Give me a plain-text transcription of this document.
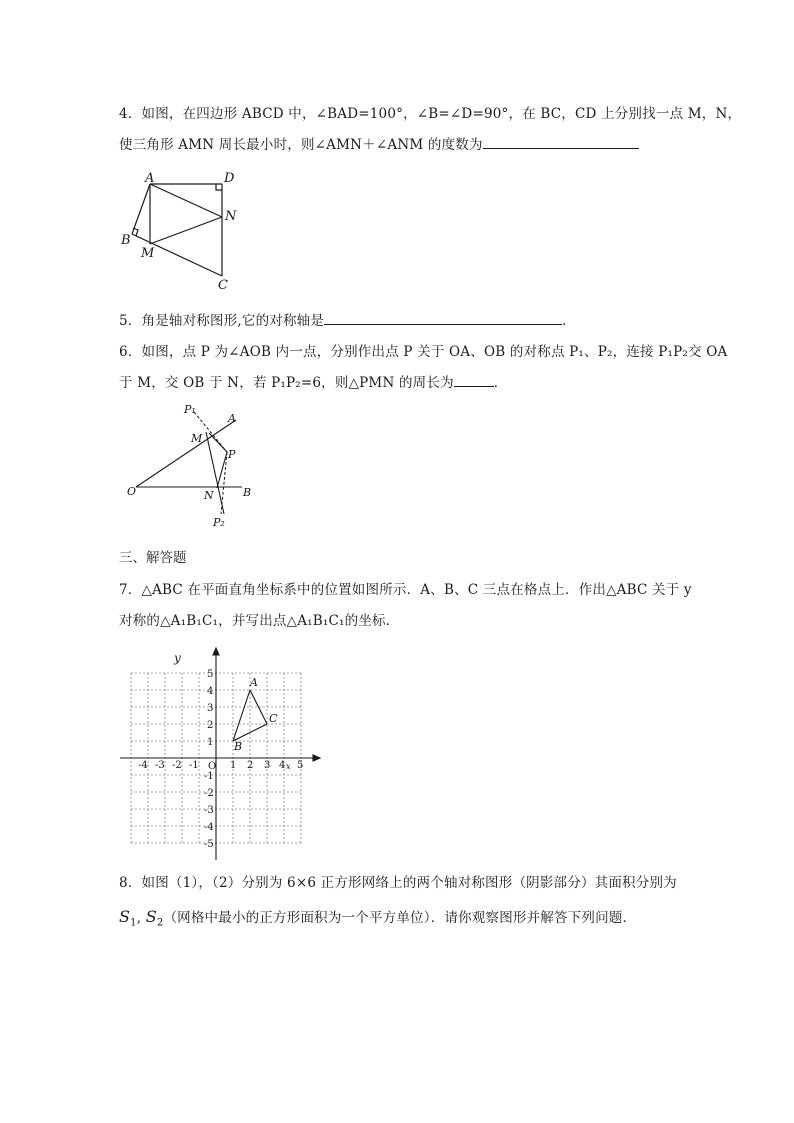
4．如图，在四边形 ABCD 中，∠BAD=100°，∠B=∠D=90°，在 BC，CD 上分别找一点 M，N，
使三角形 AMN 周长最小时，则∠AMN＋∠ANM 的度数为
A	D
N
B
M
C
5．角是轴对称图形,它的对称轴是	．
6．如图，点 P 为∠AOB 内一点，分别作出点 P 关于 OA、OB 的对称点 P₁、P₂，连接 P₁P₂交 OA
于 M，交 OB 于 N，若 P₁P₂=6，则△PMN 的周长为	．
P₁
A
M
P
O	N	B
P₂
三、解答题
7．△ABC 在平面直角坐标系中的位置如图所示．A、B、C 三点在格点上．作出△ABC 关于 y
对称的△A₁B₁C₁，并写出点△A₁B₁C₁的坐标．
y
O
-4 -3 -2 -1	1 2 3 4 x 5
5
4
3
2
1
-1
-2
-3
-4
-5
A
B
C
8．如图（1），（2）分别为 6×6 正方形网络上的两个轴对称图形（阴影部分）其面积分别为
$S_1$, $S_2$（网格中最小的正方形面积为一个平方单位）．请你观察图形并解答下列问题．
